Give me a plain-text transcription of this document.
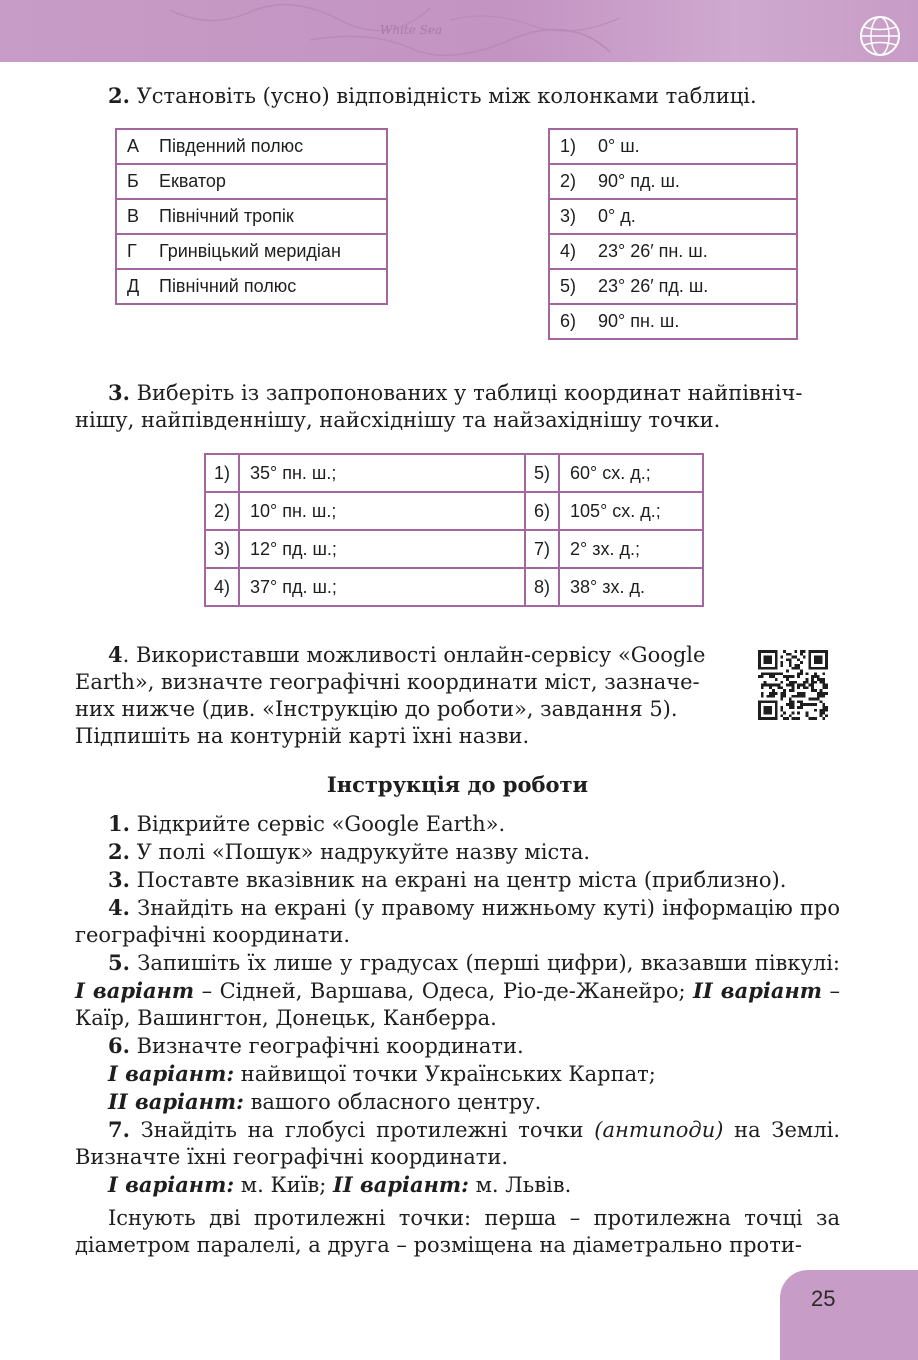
White Sea

2. Установіть (усно) відповідність між колонками таблиці.

А Південний полюс
Б Екватор
В Північний тропік
Г Гринвіцький меридіан
Д Північний полюс
1) 0° ш.
2) 90° пд. ш.
3) 0° д.
4) 23° 26′ пн. ш.
5) 23° 26′ пд. ш.
6) 90° пн. ш.

3. Виберіть із запропонованих у таблиці координат найпівніч-

нішу, найпівденнішу, найсхіднішу та найзахіднішу точки.

1)	35° пн. ш.;	5)	60° сх. д.;
2)	10° пн. ш.;	6)	105° сх. д.;
3)	12° пд. ш.;	7)	2° зх. д.;
4)	37° пд. ш.;	8)	38° зх. д.

4. Використавши можливості онлайн-сервісу «Google

Earth», визначте географічні координати міст, зазначе-

них нижче (див. «Інструкцію до роботи», завдання 5).

Підпишіть на контурній карті їхні назви.

Інструкція до роботи

1. Відкрийте сервіс «Google Earth».

2. У полі «Пошук» надрукуйте назву міста.

3. Поставте вказівник на екрані на центр міста (приблизно).

4. Знайдіть на екрані (у правому нижньому куті) інформацію про географічні координати.

5. Запишіть їх лише у градусах (перші цифри), вказавши півкулі: І варіант – Сідней, Варшава, Одеса, Ріо-де-Жанейро; ІІ варіант – Каїр, Вашингтон, Донецьк, Канберра.

6. Визначте географічні координати.

І варіант: найвищої точки Українських Карпат;

ІІ варіант: вашого обласного центру.

7. Знайдіть на глобусі протилежні точки (антиподи) на Землі. Визначте їхні географічні координати.

І варіант: м. Київ; ІІ варіант: м. Львів.

Існують дві протилежні точки: перша – протилежна точці за діаметром паралелі, а друга – розміщена на діаметрально проти-

25
